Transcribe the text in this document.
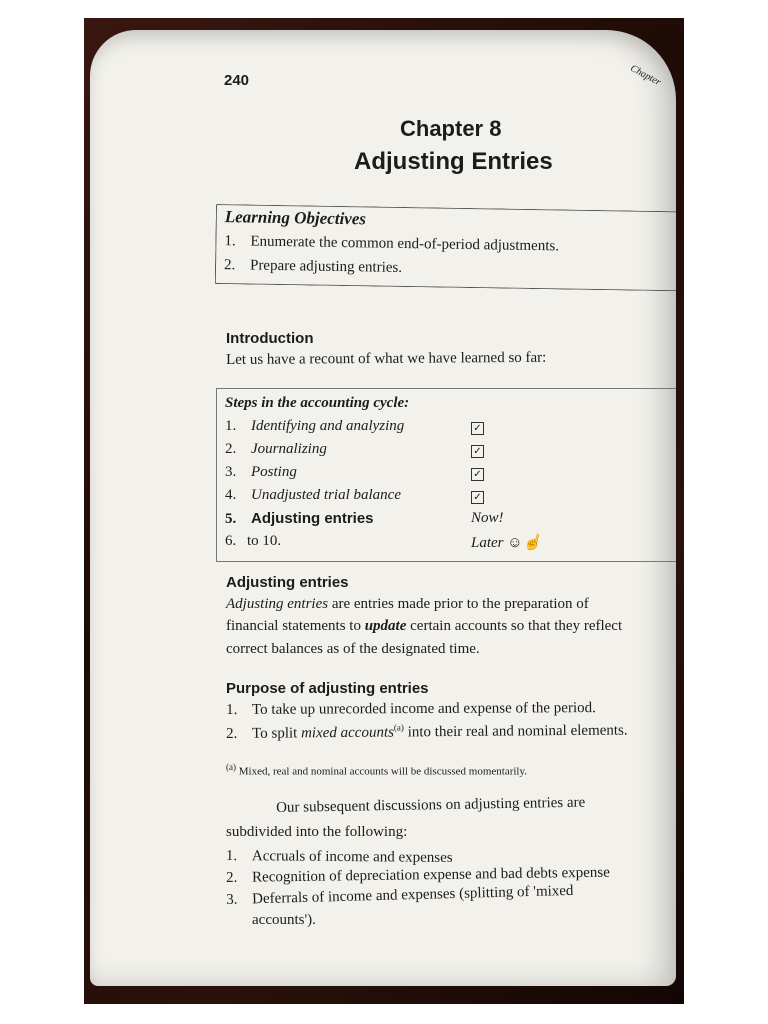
240	Chapter
Chapter 8
Adjusting Entries
Learning Objectives
1. Enumerate the common end-of-period adjustments.
2. Prepare adjusting entries.
Introduction
Let us have a recount of what we have learned so far:
Steps in the accounting cycle:
1. Identifying and analyzing	✓
2. Journalizing	✓
3. Posting	✓
4. Unadjusted trial balance	✓
5. Adjusting entries	Now!
6. to 10.	Later ☺☝
Adjusting entries
Adjusting entries are entries made prior to the preparation of
financial statements to update certain accounts so that they reflect
correct balances as of the designated time.
Purpose of adjusting entries
1. To take up unrecorded income and expense of the period.
2. To split mixed accounts$^{(a)}$ into their real and nominal elements.
$^{(a)}$ Mixed, real and nominal accounts will be discussed momentarily.
Our subsequent discussions on adjusting entries are
subdivided into the following:
1. Accruals of income and expenses
2. Recognition of depreciation expense and bad debts expense
3. Deferrals of income and expenses (splitting of 'mixed
accounts').
